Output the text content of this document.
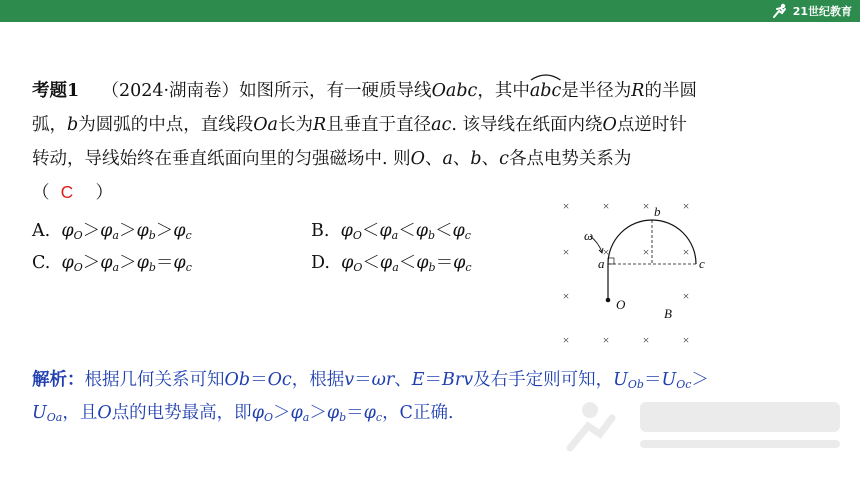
21世纪教育
考题1 （2024·湖南卷）如图所示，有一硬质导线Oabc，其中
abc是半径为R的半圆
弧，b为圆弧的中点，直线段Oa长为R且垂直于直径ac. 该导线在纸面内绕O点逆时针
转动，导线始终在垂直纸面向里的匀强磁场中. 则O、a、b、c各点电势关系为
（ C ）
A. $\varphi_O>\varphi_a>\varphi_b>\varphi_c$	B. $\varphi_O<\varphi_a<\varphi_b<\varphi_c$
C. $\varphi_O>\varphi_a>\varphi_b=\varphi_c$	D. $\varphi_O<\varphi_a<\varphi_b=\varphi_c$
×	×	×	×
×	×	×	×
×	×
×	×	×	×
b
a	c
O
B
ω
解析：根据几何关系可知Ob＝Oc，根据v＝ωr、E＝Brv及右手定则可知，$U_{Ob}=U_{Oc}>$
$U_{Oa}$，且O点的电势最高，即$\varphi_O>\varphi_a>\varphi_b=\varphi_c$，C正确.
